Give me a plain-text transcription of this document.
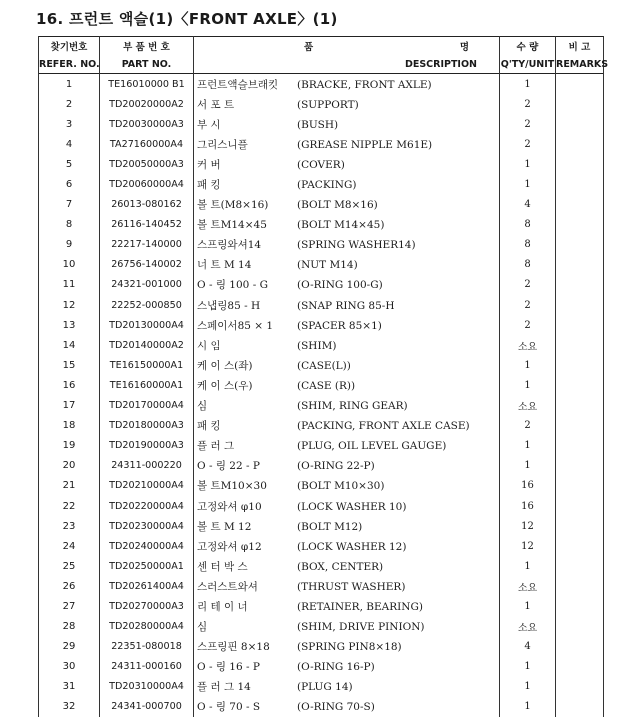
16. 프런트 액슬(1)〈FRONT AXLE〉(1)
찾기번호	부 품 번 호	품 명	수 량	비 고
REFER. NO.	PART NO.	DESCRIPTION	Q'TY/UNIT	REMARKS
1	TE16010000 B1	프런트액슬브래킷 (BRACKE, FRONT AXLE)	1	
2	TD20020000A2	서 포 트 (SUPPORT)	2	
3	TD20030000A3	부 시 (BUSH)	2	
4	TA27160000A4	그리스니플 (GREASE NIPPLE M61E)	2	
5	TD20050000A3	커 버 (COVER)	1	
6	TD20060000A4	패 킹 (PACKING)	1	
7	26013-080162	볼 트(M8×16) (BOLT M8×16)	4	
8	26116-140452	볼 트M14×45 (BOLT M14×45)	8	
9	22217-140000	스프링와셔14 (SPRING WASHER14)	8	
10	26756-140002	너 트 M 14 (NUT M14)	8	
11	24321-001000	O - 링 100 - G (O-RING 100-G)	2	
12	22252-000850	스냅링85 - H (SNAP RING 85-H	2	
13	TD20130000A4	스페이서85 × 1 (SPACER 85×1)	2	
14	TD20140000A2	시 임 (SHIM)	소요	
15	TE16150000A1	케 이 스(좌) (CASE(L))	1	
16	TE16160000A1	케 이 스(우) (CASE (R))	1	
17	TD20170000A4	심 (SHIM, RING GEAR)	소요	
18	TD20180000A3	패 킹 (PACKING, FRONT AXLE CASE)	2	
19	TD20190000A3	플 러 그 (PLUG, OIL LEVEL GAUGE)	1	
20	24311-000220	O - 링 22 - P (O-RING 22-P)	1	
21	TD20210000A4	볼 트M10×30 (BOLT M10×30)	16	
22	TD20220000A4	고정와셔 φ10 (LOCK WASHER 10)	16	
23	TD20230000A4	볼 트 M 12 (BOLT M12)	12	
24	TD20240000A4	고정와셔 φ12 (LOCK WASHER 12)	12	
25	TD20250000A1	센 터 박 스 (BOX, CENTER)	1	
26	TD20261400A4	스러스트와셔 (THRUST WASHER)	소요	
27	TD20270000A3	리 테 이 너 (RETAINER, BEARING)	1	
28	TD20280000A4	심 (SHIM, DRIVE PINION)	소요	
29	22351-080018	스프링핀 8×18 (SPRING PIN8×18)	4	
30	24311-000160	O - 링 16 - P (O-RING 16-P)	1	
31	TD20310000A4	플 러 그 14 (PLUG 14)	1	
32	24341-000700	O - 링 70 - S (O-RING 70-S)	1	
